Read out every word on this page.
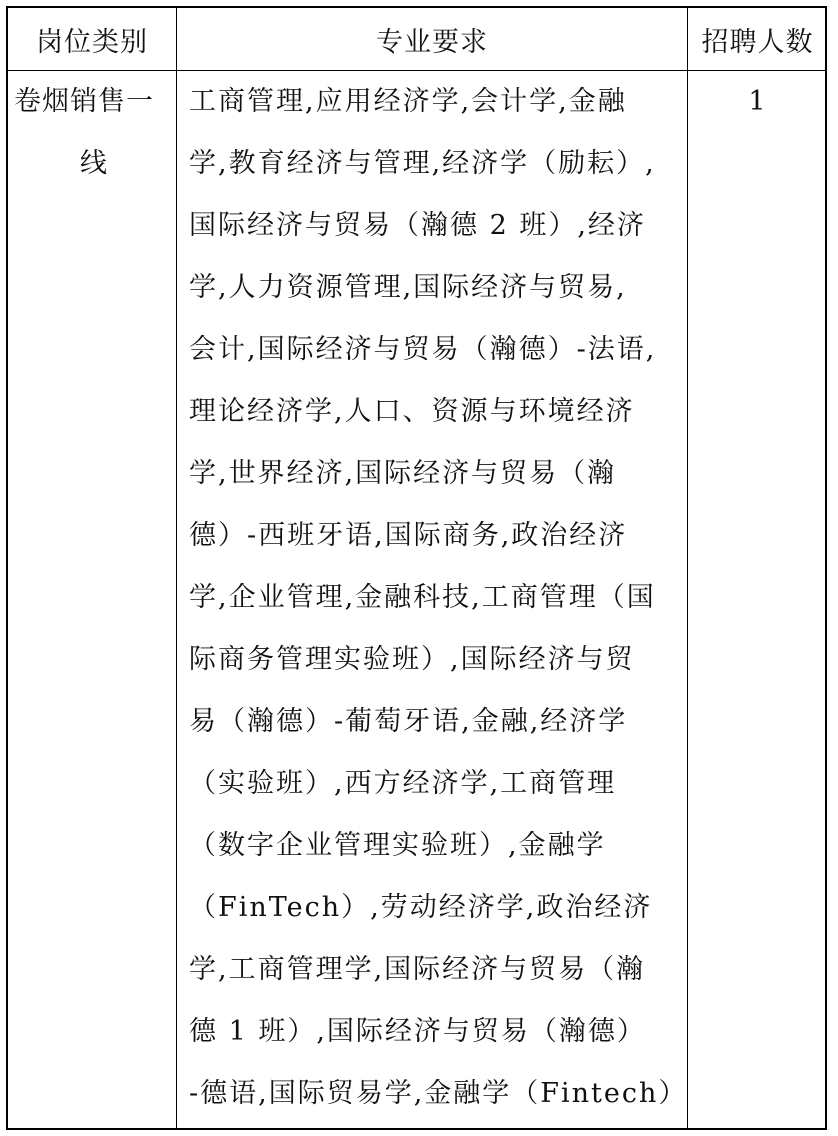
岗位类别	专业要求	招聘人数
卷烟销售一
线
工商管理,应用经济学,会计学,金融
学,教育经济与管理,经济学（励耘）,
国际经济与贸易（瀚德 2 班）,经济
学,人力资源管理,国际经济与贸易,
会计,国际经济与贸易（瀚德）-法语,
理论经济学,人口、资源与环境经济
学,世界经济,国际经济与贸易（瀚
德）-西班牙语,国际商务,政治经济
学,企业管理,金融科技,工商管理（国
际商务管理实验班）,国际经济与贸
易（瀚德）-葡萄牙语,金融,经济学
（实验班）,西方经济学,工商管理
（数字企业管理实验班）,金融学
（FinTech）,劳动经济学,政治经济
学,工商管理学,国际经济与贸易（瀚
德 1 班）,国际经济与贸易（瀚德）
-德语,国际贸易学,金融学（Fintech）
1
